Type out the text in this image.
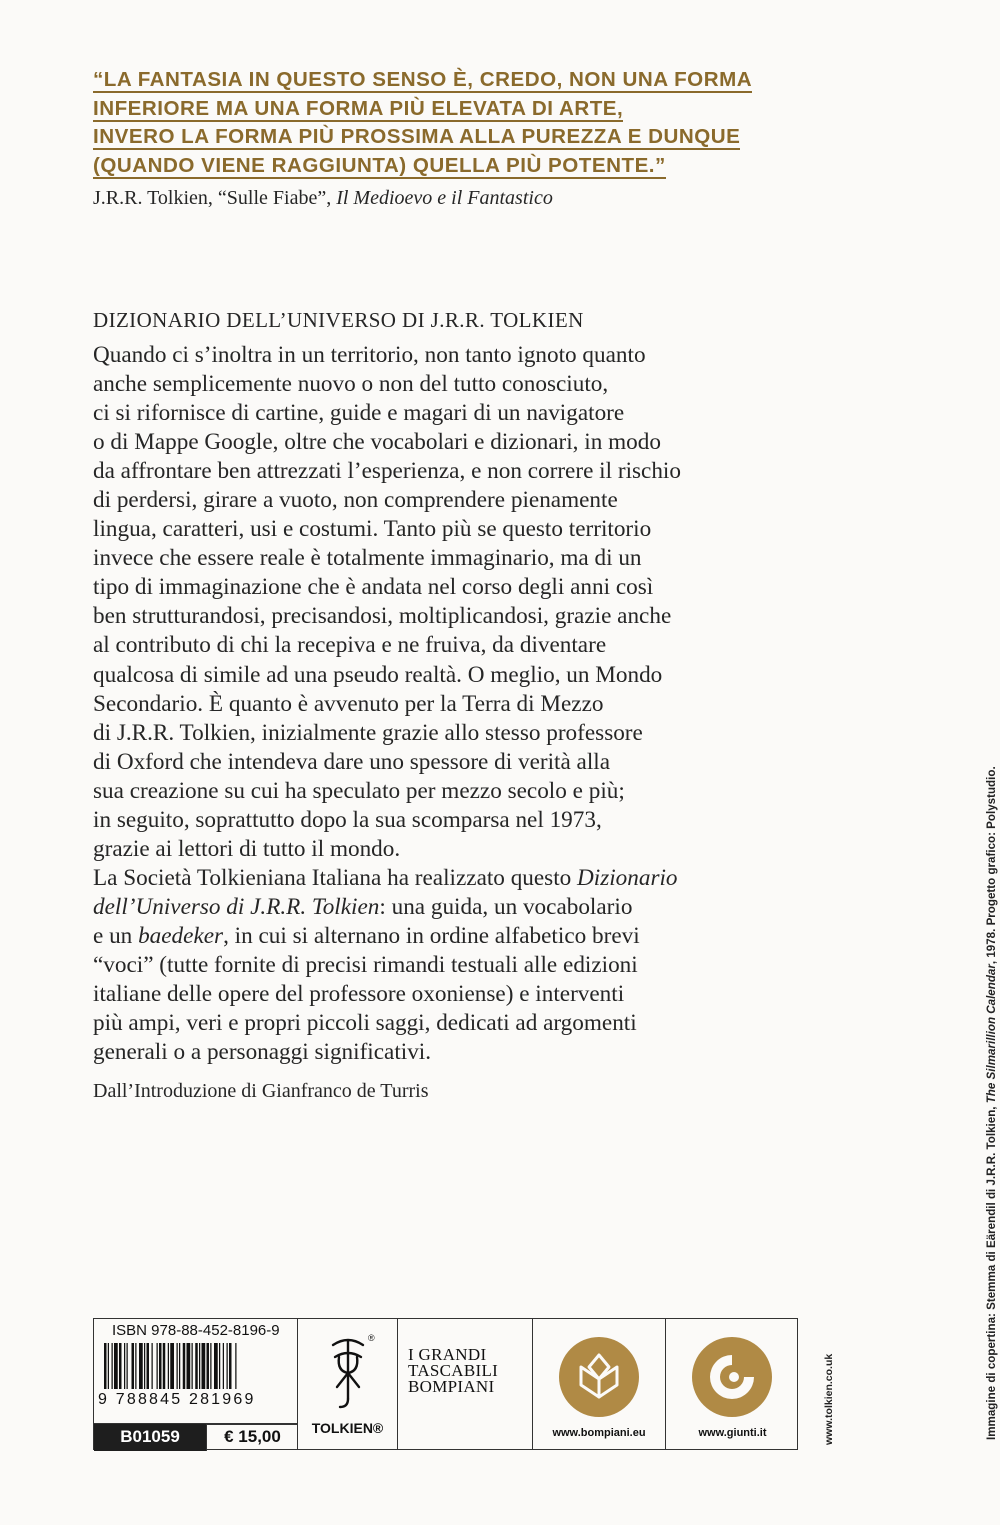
“LA FANTASIA IN QUESTO SENSO È, CREDO, NON UNA FORMA
INFERIORE MA UNA FORMA PIÙ ELEVATA DI ARTE,
INVERO LA FORMA PIÙ PROSSIMA ALLA PUREZZA E DUNQUE
(QUANDO VIENE RAGGIUNTA) QUELLA PIÙ POTENTE.”
J.R.R. Tolkien, “Sulle Fiabe”, Il Medioevo e il Fantastico
DIZIONARIO DELL’UNIVERSO DI J.R.R. TOLKIEN
Quando ci s’inoltra in un territorio, non tanto ignoto quanto
anche semplicemente nuovo o non del tutto conosciuto,
ci si rifornisce di cartine, guide e magari di un navigatore
o di Mappe Google, oltre che vocabolari e dizionari, in modo
da affrontare ben attrezzati l’esperienza, e non correre il rischio
di perdersi, girare a vuoto, non comprendere pienamente
lingua, caratteri, usi e costumi. Tanto più se questo territorio
invece che essere reale è totalmente immaginario, ma di un
tipo di immaginazione che è andata nel corso degli anni così
ben strutturandosi, precisandosi, moltiplicandosi, grazie anche
al contributo di chi la recepiva e ne fruiva, da diventare
qualcosa di simile ad una pseudo realtà. O meglio, un Mondo
Secondario. È quanto è avvenuto per la Terra di Mezzo
di J.R.R. Tolkien, inizialmente grazie allo stesso professore
di Oxford che intendeva dare uno spessore di verità alla
sua creazione su cui ha speculato per mezzo secolo e più;
in seguito, soprattutto dopo la sua scomparsa nel 1973,
grazie ai lettori di tutto il mondo.
La Società Tolkieniana Italiana ha realizzato questo Dizionario
dell’Universo di J.R.R. Tolkien: una guida, un vocabolario
e un baedeker, in cui si alternano in ordine alfabetico brevi
“voci” (tutte fornite di precisi rimandi testuali alle edizioni
italiane delle opere del professore oxoniense) e interventi
più ampi, veri e propri piccoli saggi, dedicati ad argomenti
generali o a personaggi significativi.
Dall’Introduzione di Gianfranco de Turris
Immagine di copertina: Stemma di Eärendil di J.R.R. Tolkien, The Silmarillion Calendar, 1978. Progetto grafico: Polystudio.
www.tolkien.co.uk
ISBN 978-88-452-8196-9
9 788845 281969
B01059	€ 15,00
®
TOLKIEN®
I GRANDI
TASCABILI
BOMPIANI
www.bompiani.eu	www.giunti.it
